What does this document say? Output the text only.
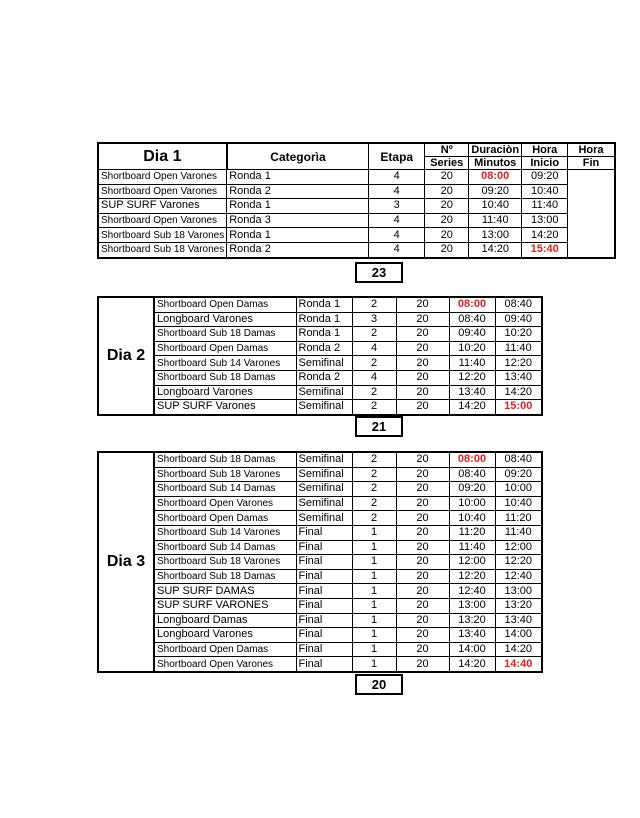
Dia 1	Categorìa	Etapa	Nº	Duraciòn	Hora	Hora
			Series	Minutos	Inicio	Fin
Shortboard Open Varones	Ronda 1	4	20	08:00	09:20	
Shortboard Open Varones	Ronda 2	4	20	09:20	10:40	
SUP SURF Varones	Ronda 1	3	20	10:40	11:40	
Shortboard Open Varones	Ronda 3	4	20	11:40	13:00	
Shortboard Sub 18 Varones	Ronda 1	4	20	13:00	14:20	
Shortboard Sub 18 Varones	Ronda 2	4	20	14:20	15:40	
23
Dia 2	Shortboard Open Damas	Ronda 1	2	20	08:00	08:40
	Longboard Varones	Ronda 1	3	20	08:40	09:40
	Shortboard Sub 18 Damas	Ronda 1	2	20	09:40	10:20
	Shortboard Open Damas	Ronda 2	4	20	10:20	11:40
	Shortboard Sub 14 Varones	Semifinal	2	20	11:40	12:20
	Shortboard Sub 18 Damas	Ronda 2	4	20	12:20	13:40
	Longboard Varones	Semifinal	2	20	13:40	14:20
	SUP SURF Varones	Semifinal	2	20	14:20	15:00
21
Dia 3	Shortboard Sub 18 Damas	Semifinal	2	20	08:00	08:40
	Shortboard Sub 18 Varones	Semifinal	2	20	08:40	09:20
	Shortboard Sub 14 Damas	Semifinal	2	20	09:20	10:00
	Shortboard Open Varones	Semifinal	2	20	10:00	10:40
	Shortboard Open Damas	Semifinal	2	20	10:40	11:20
	Shortboard Sub 14 Varones	Final	1	20	11:20	11:40
	Shortboard Sub 14 Damas	Final	1	20	11:40	12:00
	Shortboard Sub 18 Varones	Final	1	20	12:00	12:20
	Shortboard Sub 18 Damas	Final	1	20	12:20	12:40
	SUP SURF DAMAS	Final	1	20	12:40	13:00
	SUP SURF VARONES	Final	1	20	13:00	13:20
	Longboard Damas	Final	1	20	13:20	13:40
	Longboard Varones	Final	1	20	13:40	14:00
	Shortboard Open Damas	Final	1	20	14:00	14:20
	Shortboard Open Varones	Final	1	20	14:20	14:40
20
